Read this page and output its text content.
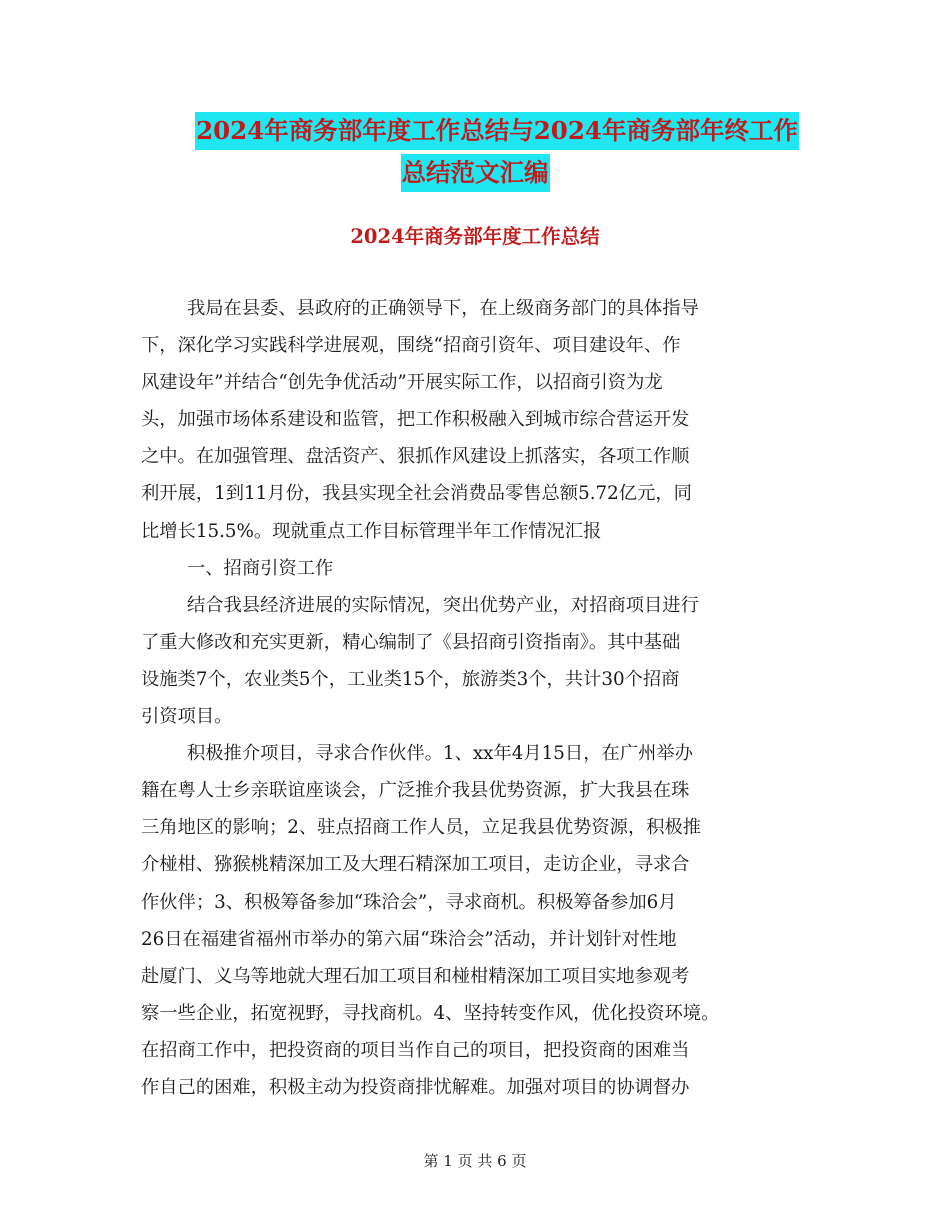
2024年商务部年度工作总结与2024年商务部年终工作
总结范文汇编
2024年商务部年度工作总结
我局在县委、县政府的正确领导下，在上级商务部门的具体指导
下，深化学习实践科学进展观，围绕“招商引资年、项目建设年、作
风建设年”并结合“创先争优活动”开展实际工作，以招商引资为龙
头，加强市场体系建设和监管，把工作积极融入到城市综合营运开发
之中。在加强管理、盘活资产、狠抓作风建设上抓落实，各项工作顺
利开展，1到11月份，我县实现全社会消费品零售总额5.72亿元，同
比增长15.5%。现就重点工作目标管理半年工作情况汇报
一、招商引资工作
结合我县经济进展的实际情况，突出优势产业，对招商项目进行
了重大修改和充实更新，精心编制了《县招商引资指南》。其中基础
设施类7个，农业类5个，工业类15个，旅游类3个，共计30个招商
引资项目。
积极推介项目，寻求合作伙伴。1、xx年4月15日，在广州举办
籍在粤人士乡亲联谊座谈会，广泛推介我县优势资源，扩大我县在珠
三角地区的影响；2、驻点招商工作人员，立足我县优势资源，积极推
介椪柑、猕猴桃精深加工及大理石精深加工项目，走访企业，寻求合
作伙伴；3、积极筹备参加“珠洽会”，寻求商机。积极筹备参加6月
26日在福建省福州市举办的第六届“珠洽会”活动，并计划针对性地
赴厦门、义乌等地就大理石加工项目和椪柑精深加工项目实地参观考
察一些企业，拓宽视野，寻找商机。4、坚持转变作风，优化投资环境。
在招商工作中，把投资商的项目当作自己的项目，把投资商的困难当
作自己的困难，积极主动为投资商排忧解难。加强对项目的协调督办
第 1 页 共 6 页
